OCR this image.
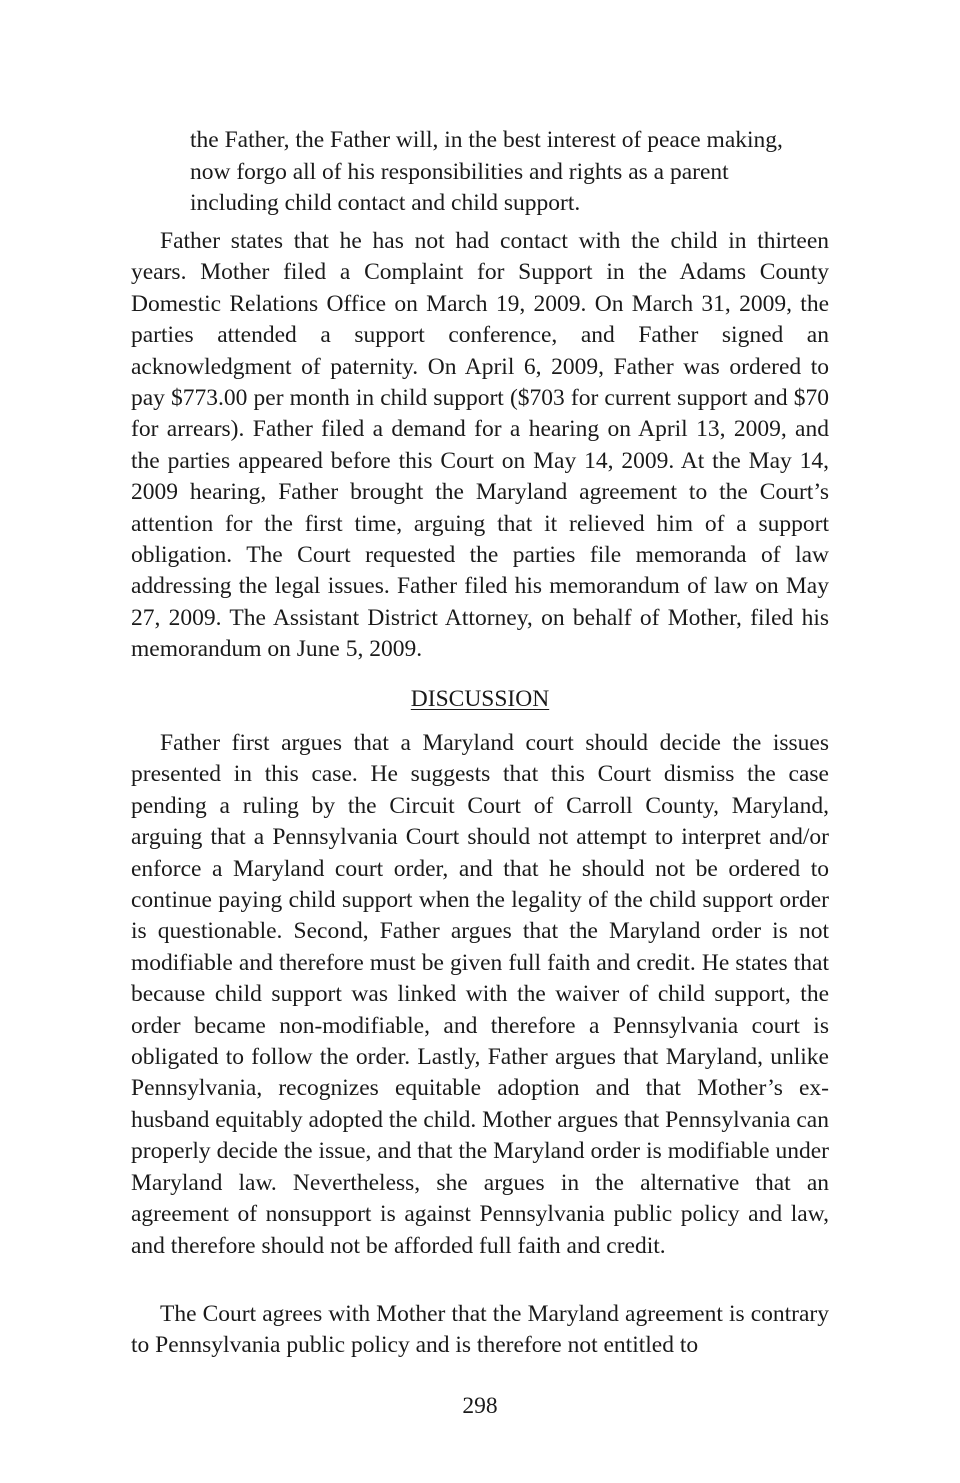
the Father, the Father will, in the best interest of peace making, now forgo all of his responsibilities and rights as a parent including child contact and child support.

Father states that he has not had contact with the child in thirteen years. Mother filed a Complaint for Support in the Adams County Domestic Relations Office on March 19, 2009. On March 31, 2009, the parties attended a support conference, and Father signed an acknowledgment of paternity. On April 6, 2009, Father was ordered to pay $773.00 per month in child support ($703 for current support and $70 for arrears). Father filed a demand for a hearing on April 13, 2009, and the parties appeared before this Court on May 14, 2009. At the May 14, 2009 hearing, Father brought the Maryland agreement to the Court’s attention for the first time, arguing that it relieved him of a support obligation. The Court requested the parties file memoranda of law addressing the legal issues. Father filed his memorandum of law on May 27, 2009. The Assistant District Attorney, on behalf of Mother, filed his memorandum on June 5, 2009.

DISCUSSION

Father first argues that a Maryland court should decide the issues presented in this case. He suggests that this Court dismiss the case pending a ruling by the Circuit Court of Carroll County, Maryland, arguing that a Pennsylvania Court should not attempt to interpret and/or enforce a Maryland court order, and that he should not be ordered to continue paying child support when the legality of the child support order is questionable. Second, Father argues that the Maryland order is not modifiable and therefore must be given full faith and credit. He states that because child support was linked with the waiver of child support, the order became non-modifiable, and therefore a Pennsylvania court is obligated to follow the order. Lastly, Father argues that Maryland, unlike Pennsylvania, recognizes equitable adoption and that Mother’s ex-husband equitably adopted the child. Mother argues that Pennsylvania can properly decide the issue, and that the Maryland order is modifiable under Maryland law. Nevertheless, she argues in the alternative that an agreement of nonsupport is against Pennsylvania public policy and law, and therefore should not be afforded full faith and credit.

The Court agrees with Mother that the Maryland agreement is contrary to Pennsylvania public policy and is therefore not entitled to

298
